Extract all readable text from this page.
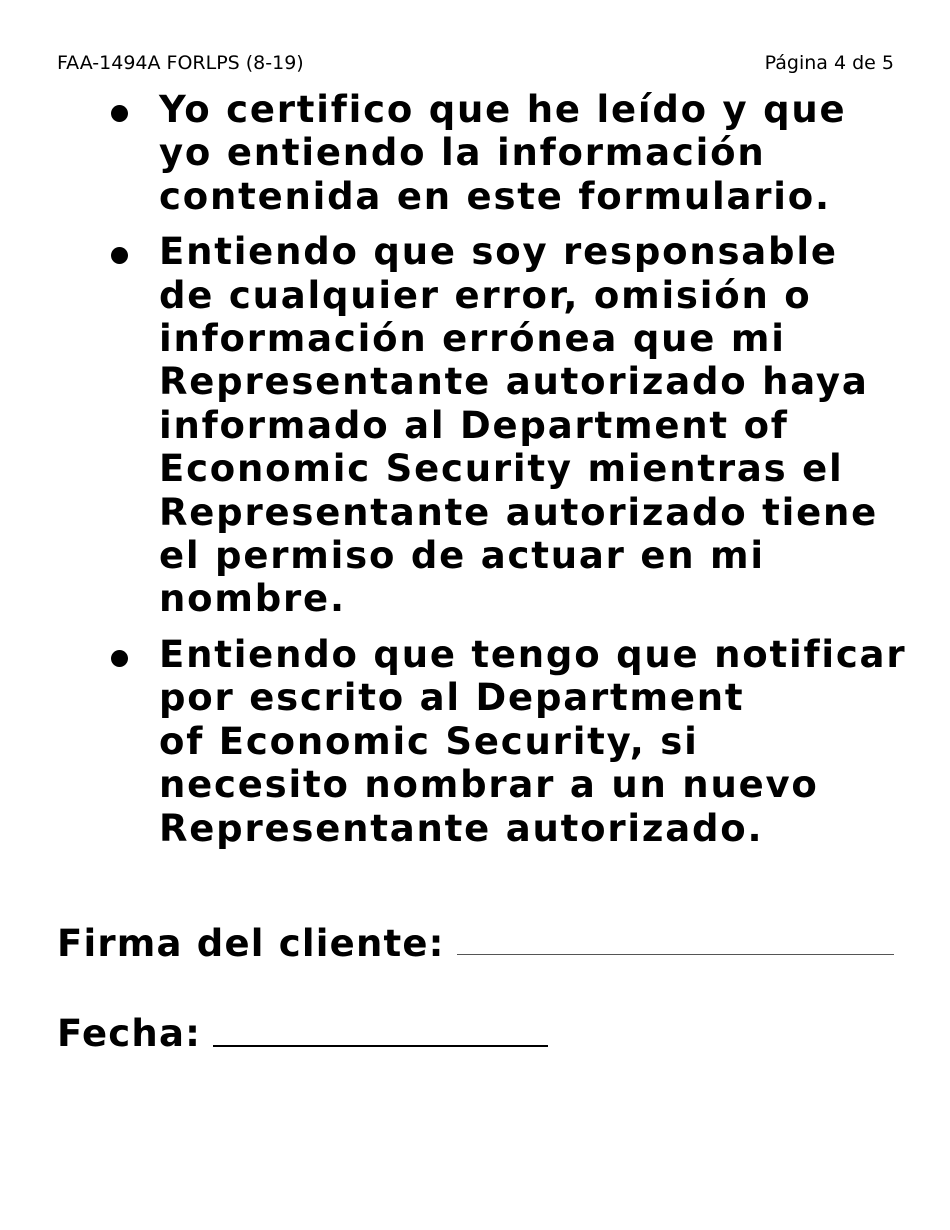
FAA-1494A FORLPS (8-19)	Página 4 de 5
Yo certifico que he leído y que
yo entiendo la información
contenida en este formulario.
Entiendo que soy responsable
de cualquier error, omisión o
información errónea que mi
Representante autorizado haya
informado al Department of
Economic Security mientras el
Representante autorizado tiene
el permiso de actuar en mi
nombre.
Entiendo que tengo que notificar
por escrito al Department
of Economic Security, si
necesito nombrar a un nuevo
Representante autorizado.
Firma del cliente:
Fecha:
